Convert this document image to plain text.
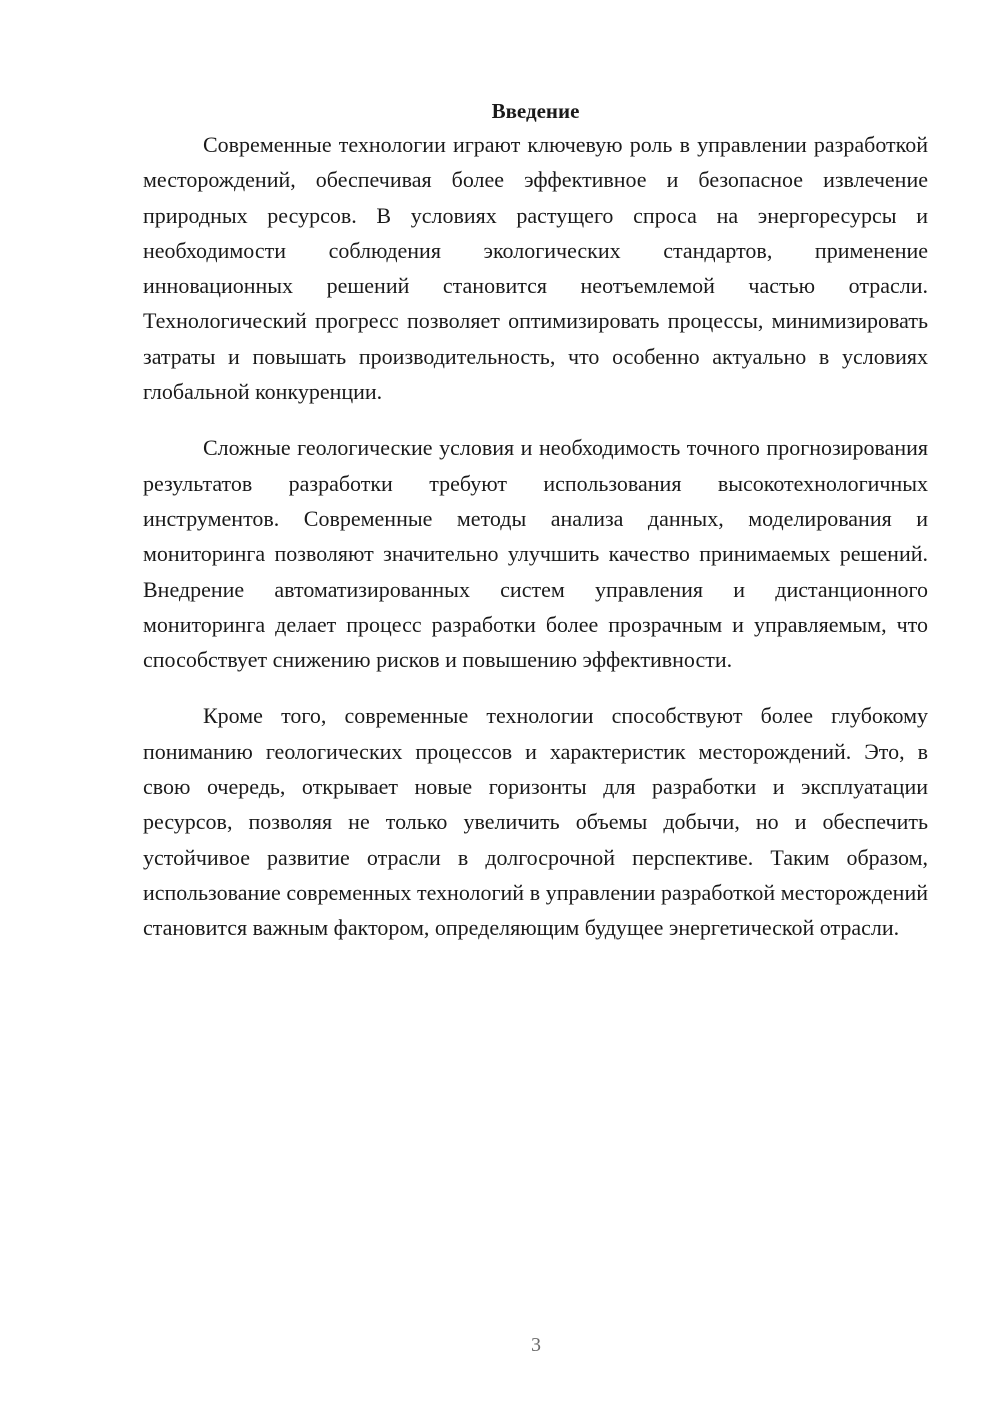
Введение

Современные технологии играют ключевую роль в управлении разработкой месторождений, обеспечивая более эффективное и безопасное извлечение природных ресурсов. В условиях растущего спроса на энергоресурсы и необходимости соблюдения экологических стандартов, применение инновационных решений становится неотъемлемой частью отрасли. Технологический прогресс позволяет оптимизировать процессы, минимизировать затраты и повышать производительность, что особенно актуально в условиях глобальной конкуренции.

Сложные геологические условия и необходимость точного прогнозирования результатов разработки требуют использования высокотехнологичных инструментов. Современные методы анализа данных, моделирования и мониторинга позволяют значительно улучшить качество принимаемых решений. Внедрение автоматизированных систем управления и дистанционного мониторинга делает процесс разработки более прозрачным и управляемым, что способствует снижению рисков и повышению эффективности.

Кроме того, современные технологии способствуют более глубокому пониманию геологических процессов и характеристик месторождений. Это, в свою очередь, открывает новые горизонты для разработки и эксплуатации ресурсов, позволяя не только увеличить объемы добычи, но и обеспечить устойчивое развитие отрасли в долгосрочной перспективе. Таким образом, использование современных технологий в управлении разработкой месторождений становится важным фактором, определяющим будущее энергетической отрасли.

3
